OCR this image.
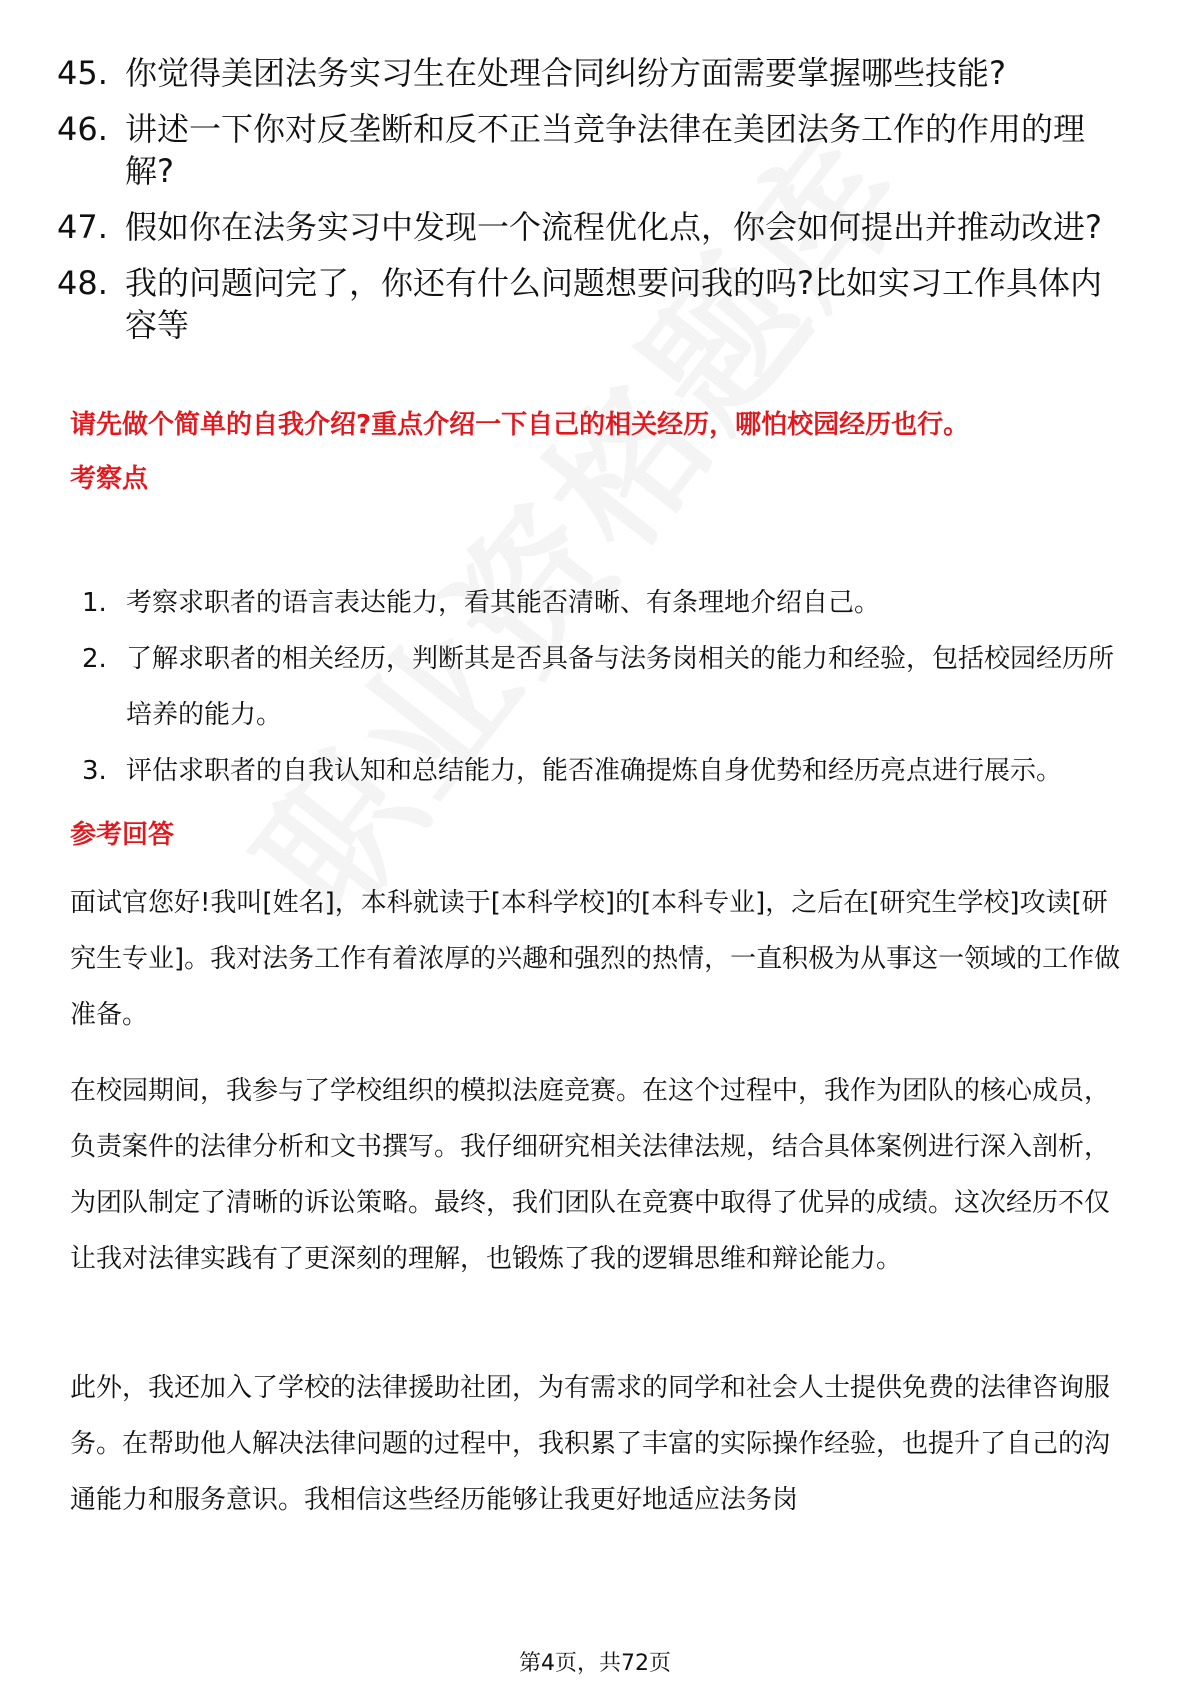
45. 你觉得美团法务实习生在处理合同纠纷方面需要掌握哪些技能?
46. 讲述一下你对反垄断和反不正当竞争法律在美团法务工作的作用的理解?
47. 假如你在法务实习中发现一个流程优化点，你会如何提出并推动改进?
48. 我的问题问完了，你还有什么问题想要问我的吗?比如实习工作具体内容等
请先做个简单的自我介绍?重点介绍一下自己的相关经历，哪怕校园经历也行。
考察点
1. 考察求职者的语言表达能力，看其能否清晰、有条理地介绍自己。
2. 了解求职者的相关经历，判断其是否具备与法务岗相关的能力和经验，包括校园经历所培养的能力。
3. 评估求职者的自我认知和总结能力，能否准确提炼自身优势和经历亮点进行展示。
参考回答

面试官您好!我叫[姓名]，本科就读于[本科学校]的[本科专业]，之后在[研究生学校]攻读[研究生专业]。我对法务工作有着浓厚的兴趣和强烈的热情，一直积极为从事这一领域的工作做准备。

在校园期间，我参与了学校组织的模拟法庭竞赛。在这个过程中，我作为团队的核心成员，负责案件的法律分析和文书撰写。我仔细研究相关法律法规，结合具体案例进行深入剖析，为团队制定了清晰的诉讼策略。最终，我们团队在竞赛中取得了优异的成绩。这次经历不仅让我对法律实践有了更深刻的理解，也锻炼了我的逻辑思维和辩论能力。

此外，我还加入了学校的法律援助社团，为有需求的同学和社会人士提供免费的法律咨询服务。在帮助他人解决法律问题的过程中，我积累了丰富的实际操作经验，也提升了自己的沟通能力和服务意识。我相信这些经历能够让我更好地适应法务岗

第4页，共72页
